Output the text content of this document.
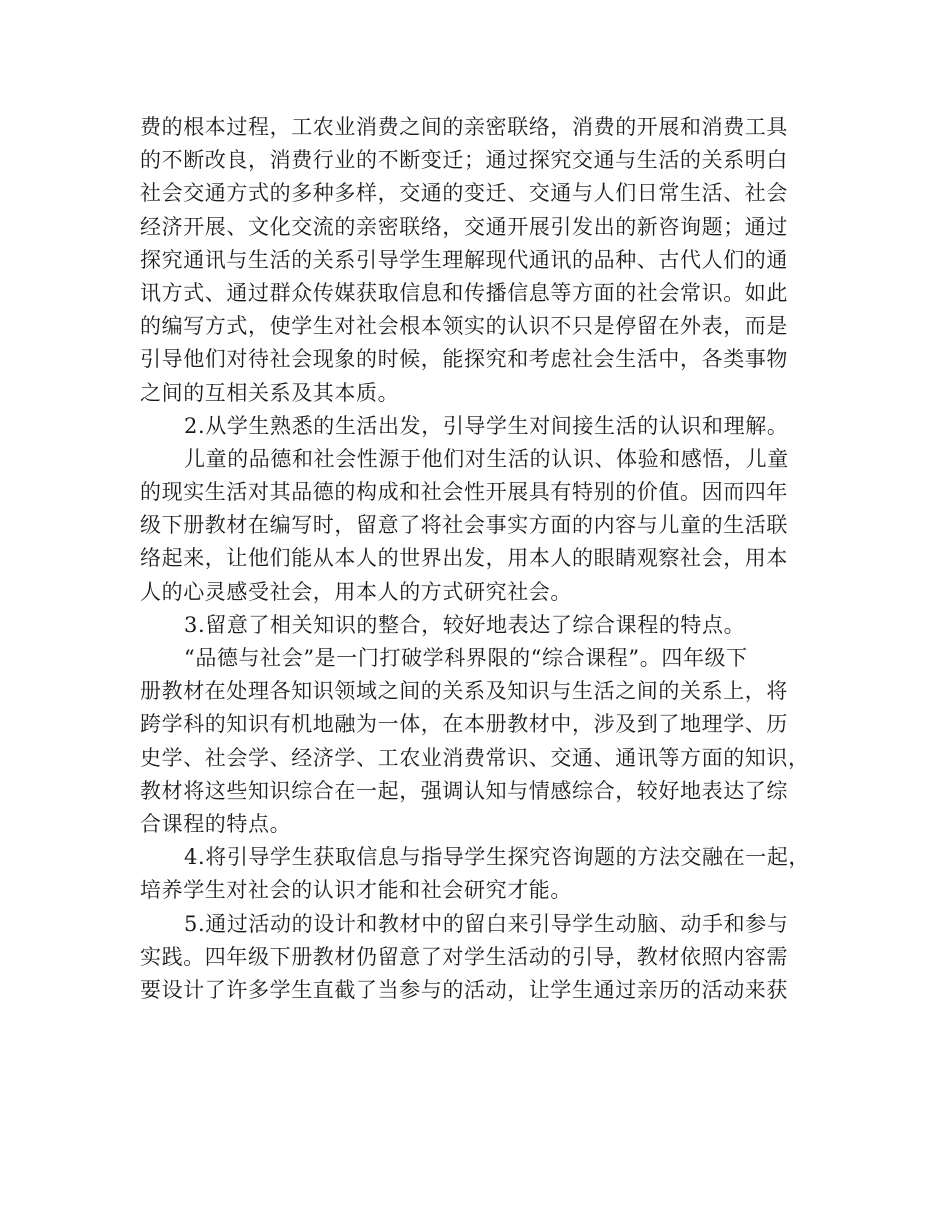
费的根本过程，工农业消费之间的亲密联络，消费的开展和消费工具
的不断改良，消费行业的不断变迁；通过探究交通与生活的关系明白
社会交通方式的多种多样，交通的变迁、交通与人们日常生活、社会
经济开展、文化交流的亲密联络，交通开展引发出的新咨询题；通过
探究通讯与生活的关系引导学生理解现代通讯的品种、古代人们的通
讯方式、通过群众传媒获取信息和传播信息等方面的社会常识。如此
的编写方式，使学生对社会根本领实的认识不只是停留在外表，而是
引导他们对待社会现象的时候，能探究和考虑社会生活中，各类事物
之间的互相关系及其本质。
2.从学生熟悉的生活出发，引导学生对间接生活的认识和理解。
儿童的品德和社会性源于他们对生活的认识、体验和感悟，儿童
的现实生活对其品德的构成和社会性开展具有特别的价值。因而四年
级下册教材在编写时，留意了将社会事实方面的内容与儿童的生活联
络起来，让他们能从本人的世界出发，用本人的眼睛观察社会，用本
人的心灵感受社会，用本人的方式研究社会。
3.留意了相关知识的整合，较好地表达了综合课程的特点。
“品德与社会”是一门打破学科界限的“综合课程”。四年级下
册教材在处理各知识领域之间的关系及知识与生活之间的关系上，将
跨学科的知识有机地融为一体，在本册教材中，涉及到了地理学、历
史学、社会学、经济学、工农业消费常识、交通、通讯等方面的知识，
教材将这些知识综合在一起，强调认知与情感综合，较好地表达了综
合课程的特点。
4.将引导学生获取信息与指导学生探究咨询题的方法交融在一起，
培养学生对社会的认识才能和社会研究才能。
5.通过活动的设计和教材中的留白来引导学生动脑、动手和参与
实践。四年级下册教材仍留意了对学生活动的引导，教材依照内容需
要设计了许多学生直截了当参与的活动，让学生通过亲历的活动来获
